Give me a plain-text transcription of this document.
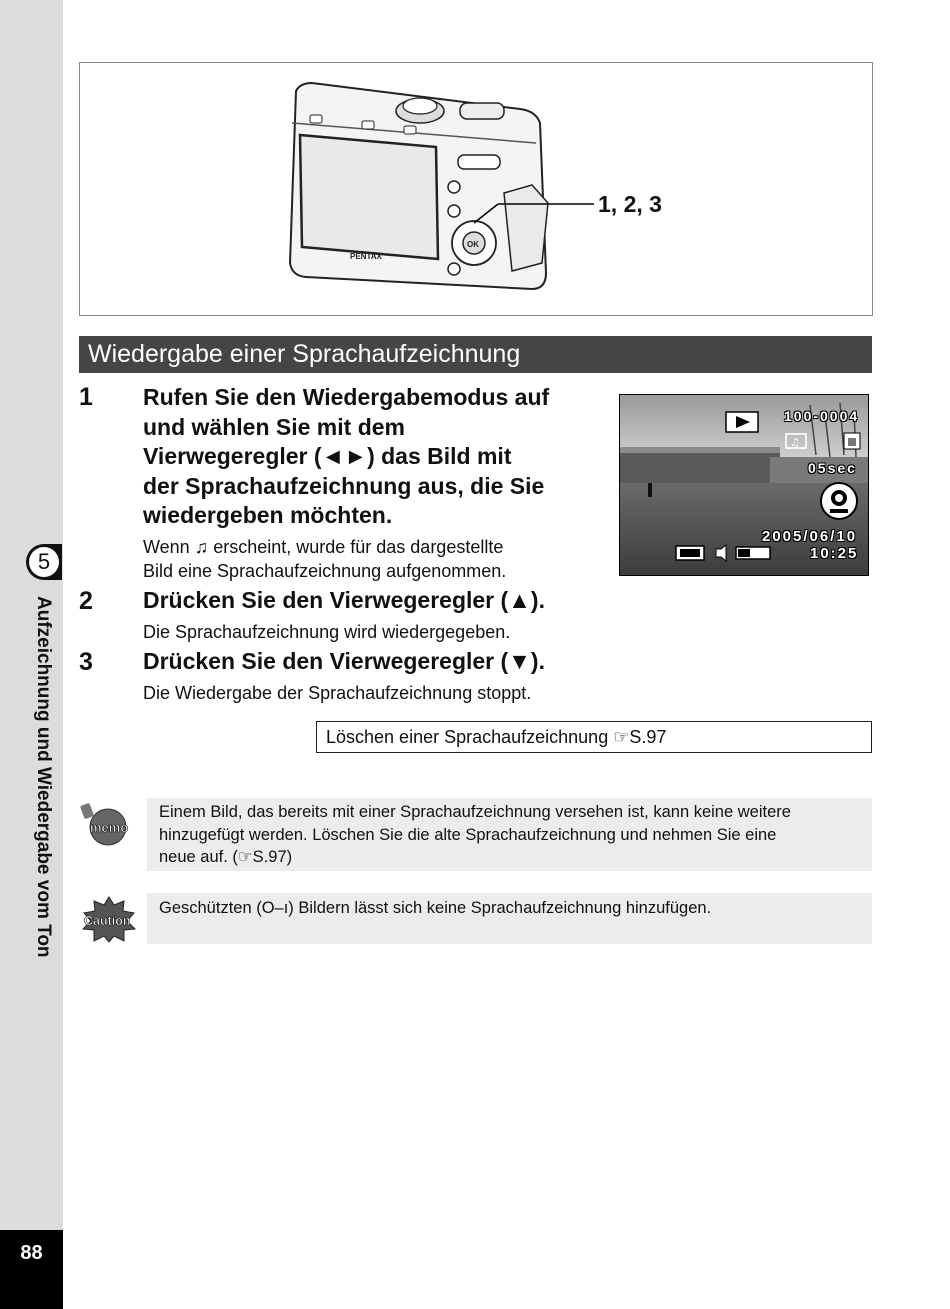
5
Aufzeichnung und Wiedergabe vom Ton
88
PENTAX
OK
1, 2, 3
Wiedergabe einer Sprachaufzeichnung
1 Rufen Sie den Wiedergabemodus auf
und wählen Sie mit dem
Vierwegeregler (◄►) das Bild mit
der Sprachaufzeichnung aus, die Sie
wiedergeben möchten.
Wenn ♫ erscheint, wurde für das dargestellte
Bild eine Sprachaufzeichnung aufgenommen.
2 Drücken Sie den Vierwegeregler (▲).
Die Sprachaufzeichnung wird wiedergegeben.
3 Drücken Sie den Vierwegeregler (▼).
Die Wiedergabe der Sprachaufzeichnung stoppt.
♫
100-0004
05sec
2005/06/10
10:25
Löschen einer Sprachaufzeichnung ☞S.97
memo
Einem Bild, das bereits mit einer Sprachaufzeichnung versehen ist, kann keine weitere
hinzugefügt werden. Löschen Sie die alte Sprachaufzeichnung und nehmen Sie eine
neue auf. (☞S.97)
Caution
Geschützten (O‒ı) Bildern lässt sich keine Sprachaufzeichnung hinzufügen.
